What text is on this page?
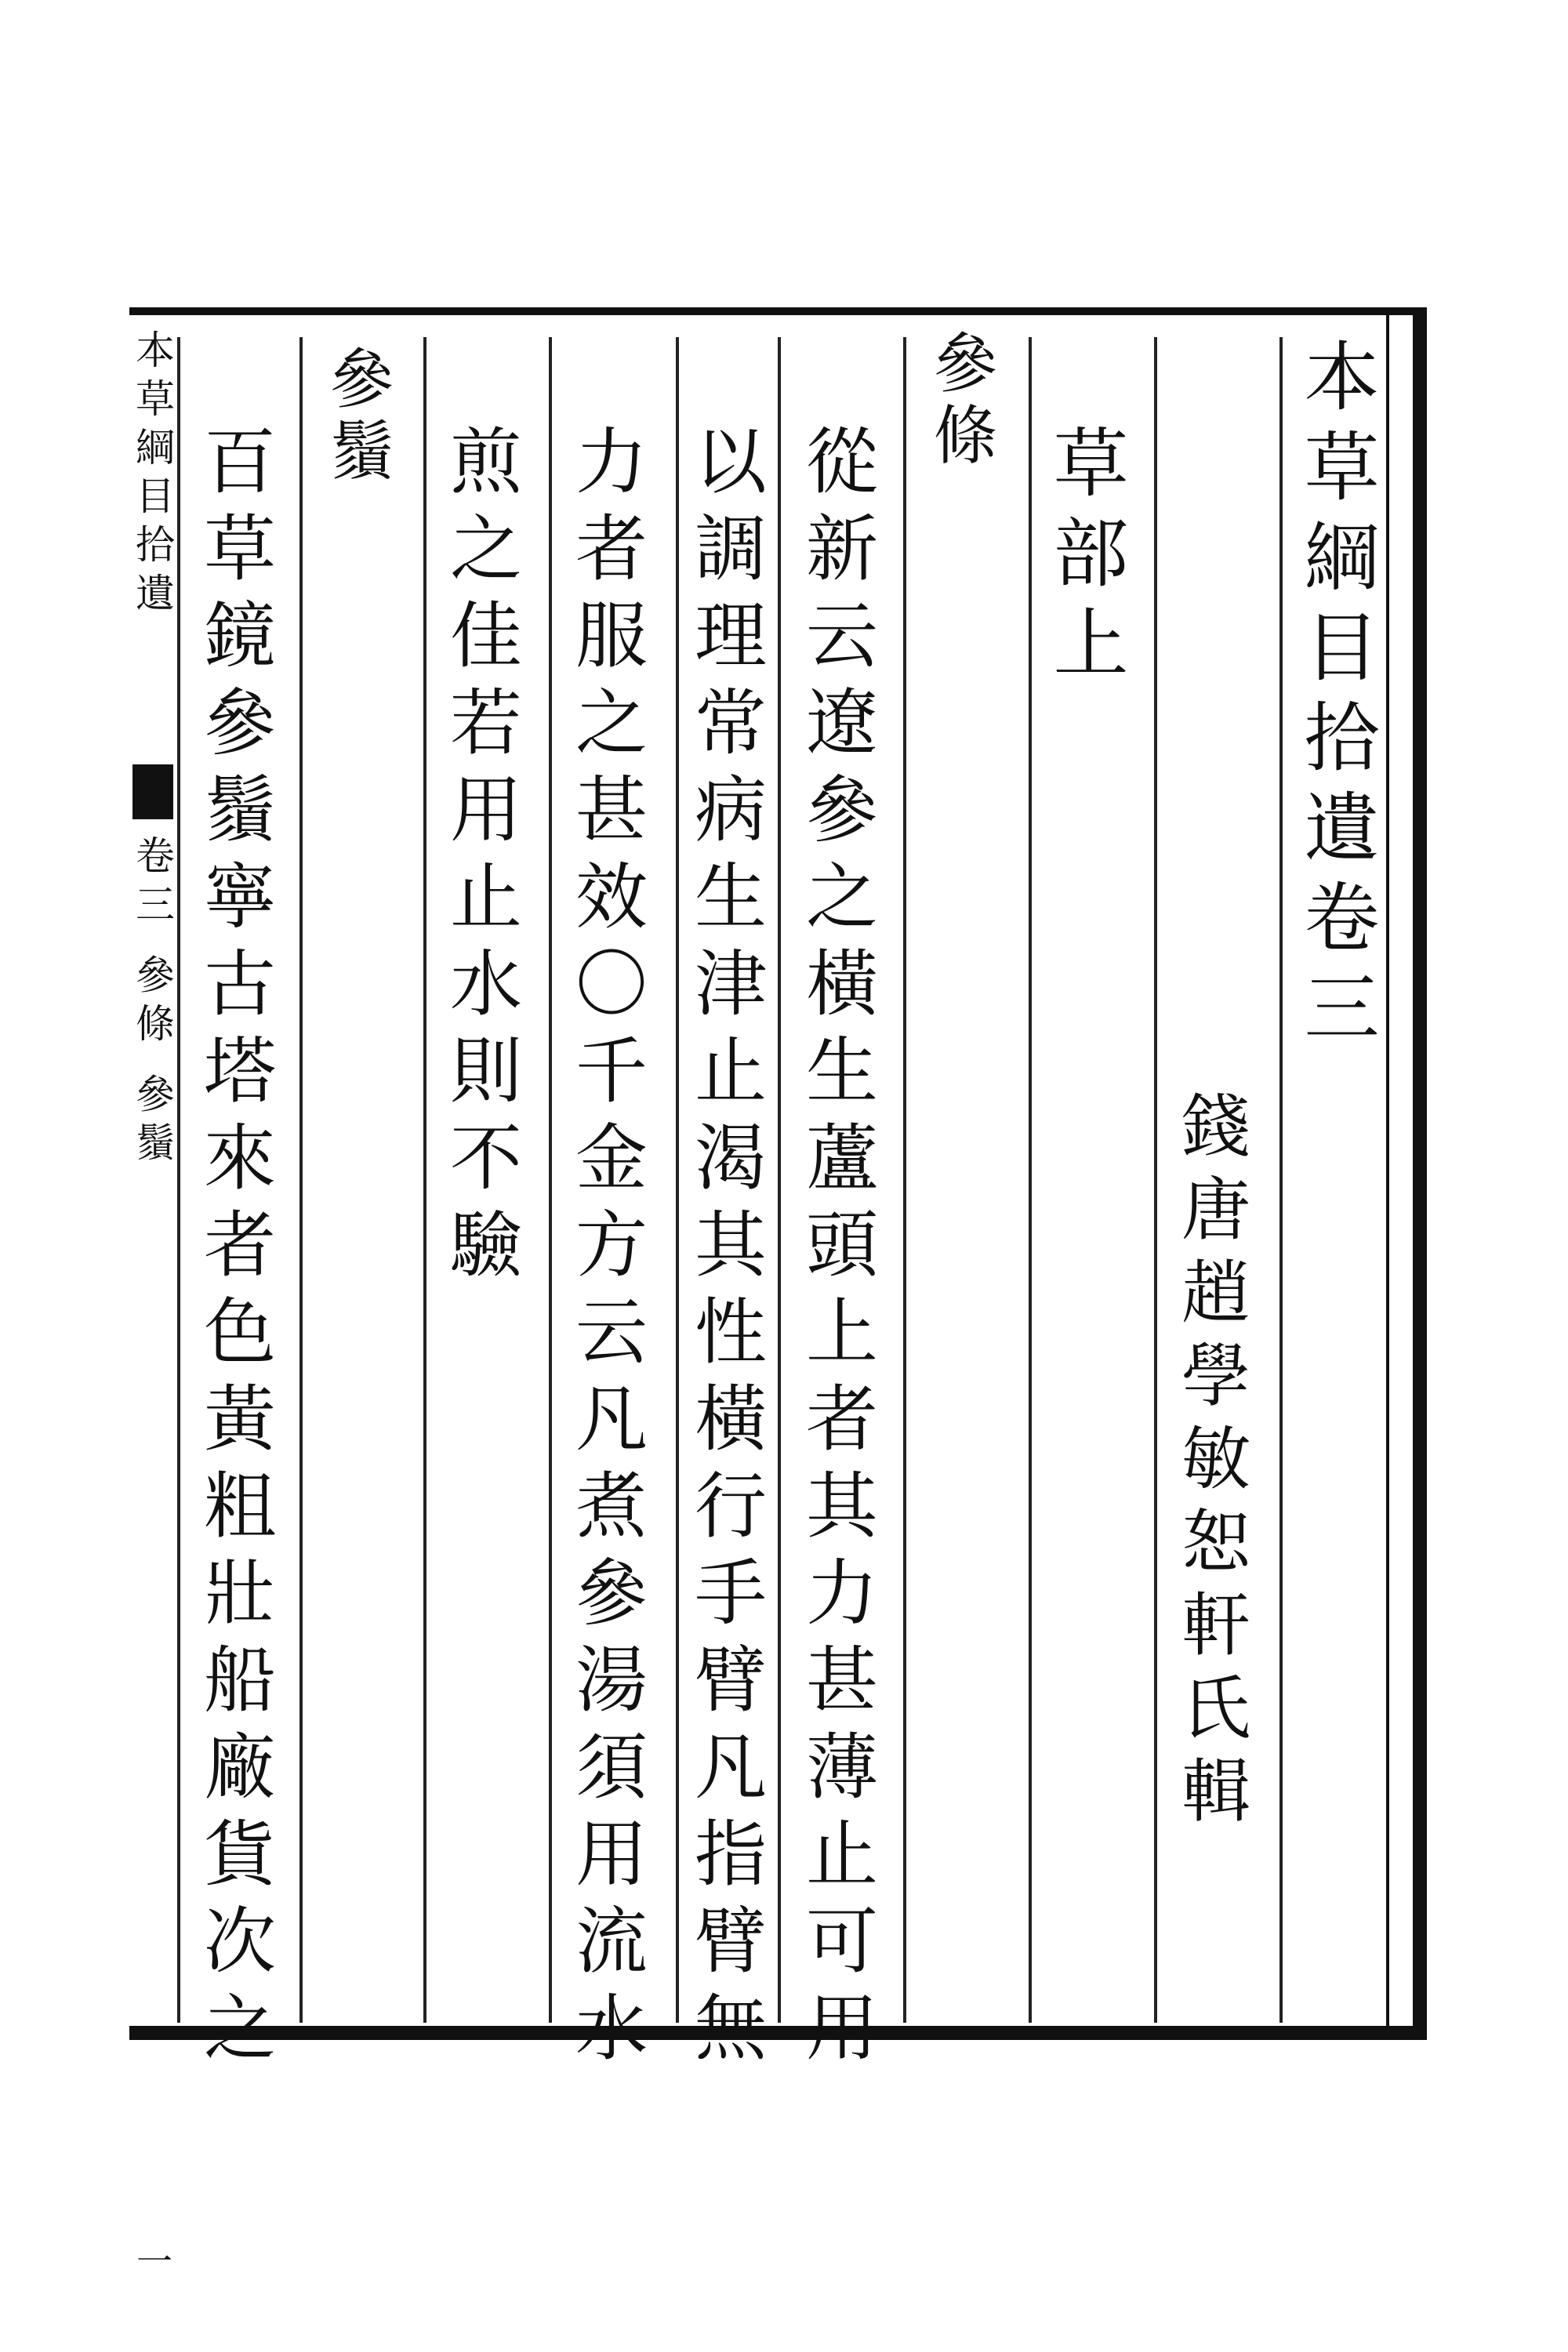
本草綱目拾遺
卷三 參條 參鬚
一
本草綱目拾遺卷三
錢唐趙學敏恕軒氏輯
草部上
參條
從新云遼參之橫生蘆頭上者其力甚薄止可用
以調理常病生津止渴其性橫行手臂凡指臂無
力者服之甚效〇千金方云凡煮參湯須用流水
煎之佳若用止水則不驗
參鬚
百草鏡參鬚寧古塔來者色黃粗壯船廠貨次之
